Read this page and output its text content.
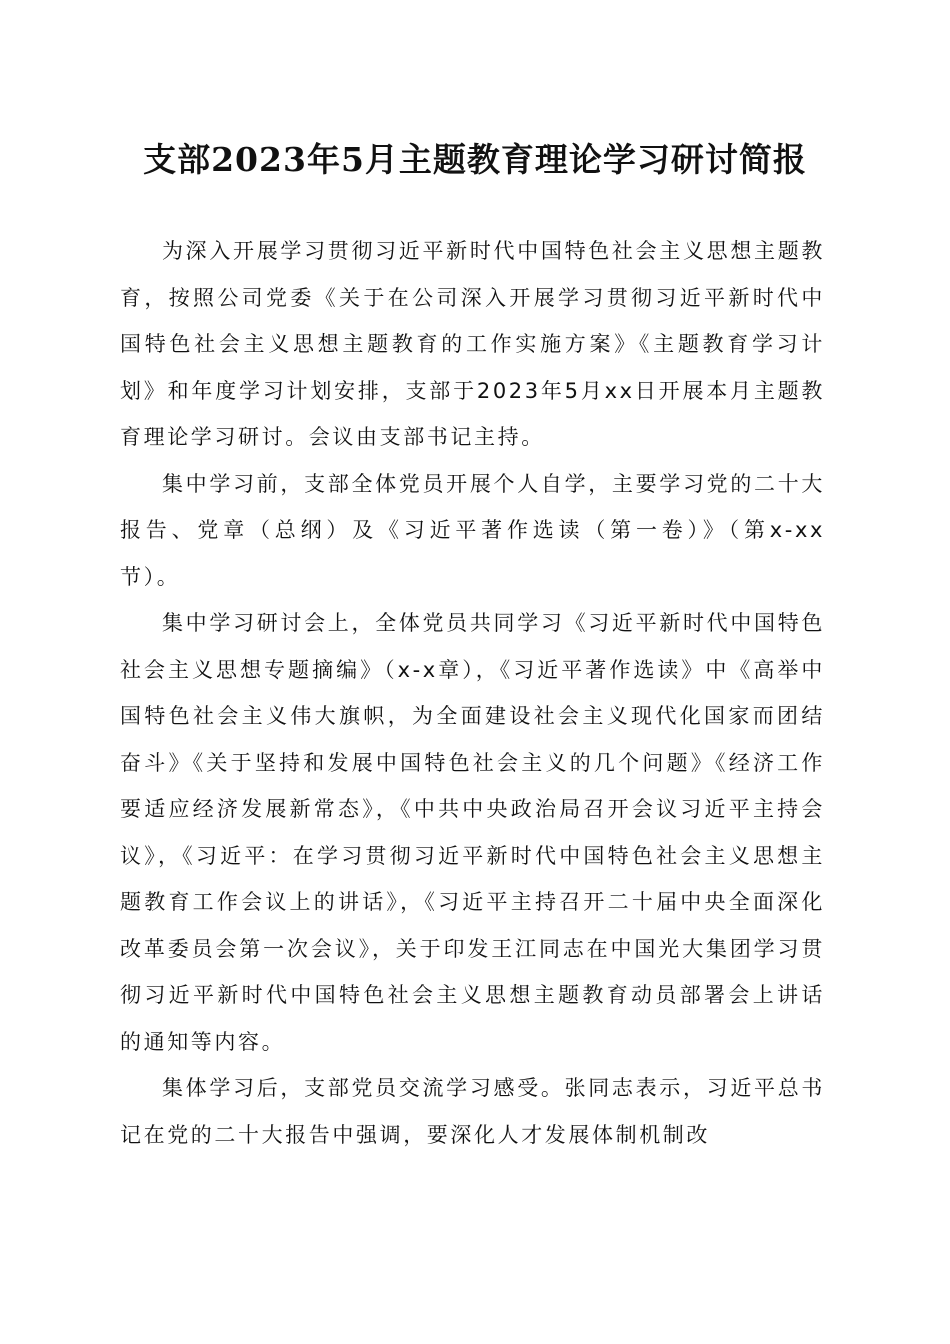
支部2023年5月主题教育理论学习研讨简报

为深入开展学习贯彻习近平新时代中国特色社会主义思想主题教育，按照公司党委《关于在公司深入开展学习贯彻习近平新时代中国特色社会主义思想主题教育的工作实施方案》《主题教育学习计划》和年度学习计划安排，支部于2023年5月xx日开展本月主题教育理论学习研讨。会议由支部书记主持。

集中学习前，支部全体党员开展个人自学，主要学习党的二十大报告、党章（总纲）及《习近平著作选读（第一卷）》（第x-xx节）。

集中学习研讨会上，全体党员共同学习《习近平新时代中国特色社会主义思想专题摘编》（x-x章），《习近平著作选读》中《高举中国特色社会主义伟大旗帜，为全面建设社会主义现代化国家而团结奋斗》《关于坚持和发展中国特色社会主义的几个问题》《经济工作要适应经济发展新常态》，《中共中央政治局召开会议习近平主持会议》，《习近平：在学习贯彻习近平新时代中国特色社会主义思想主题教育工作会议上的讲话》，《习近平主持召开二十届中央全面深化改革委员会第一次会议》，关于印发王江同志在中国光大集团学习贯彻习近平新时代中国特色社会主义思想主题教育动员部署会上讲话的通知等内容。

集体学习后，支部党员交流学习感受。张同志表示，习近平总书记在党的二十大报告中强调，要深化人才发展体制机制改
